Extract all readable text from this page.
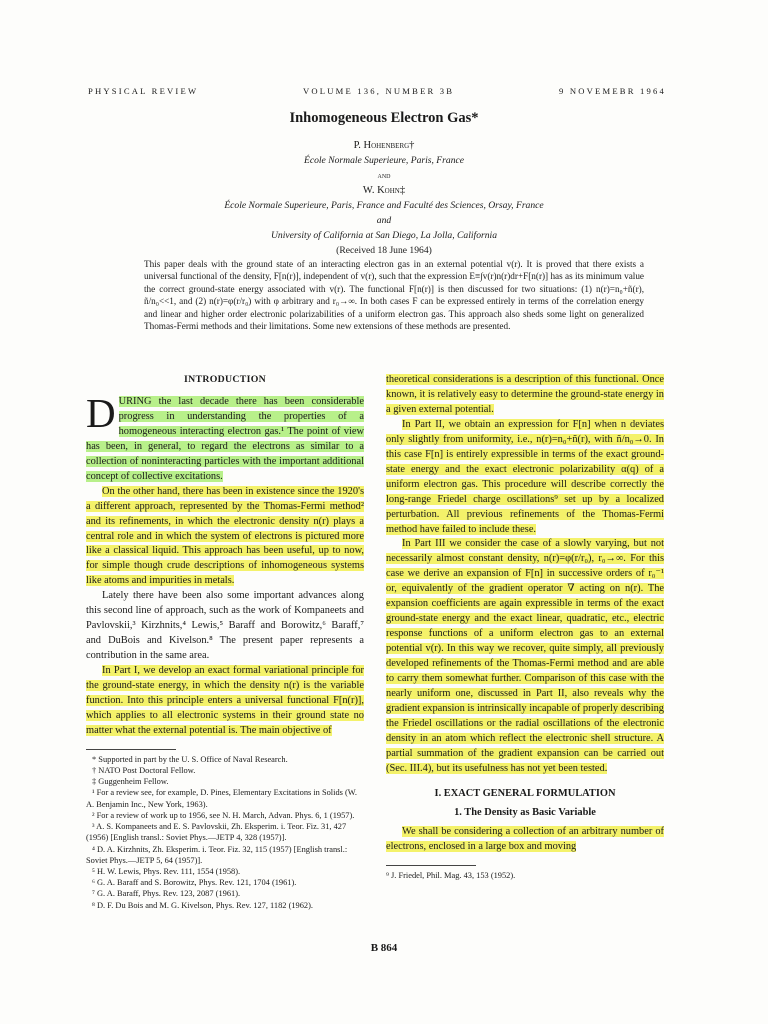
PHYSICAL REVIEW	VOLUME 136, NUMBER 3B	9 NOVEMEBR 1964
Inhomogeneous Electron Gas*
P. Hohenberg†
École Normale Superieure, Paris, France
and
W. Kohn‡
École Normale Superieure, Paris, France and Faculté des Sciences, Orsay, France
and
University of California at San Diego, La Jolla, California
(Received 18 June 1964)

This paper deals with the ground state of an interacting electron gas in an external potential v(r). It is proved that there exists a universal functional of the density, F[n(r)], independent of v(r), such that the expression E≡∫v(r)n(r)dr+F[n(r)] has as its minimum value the correct ground-state energy associated with v(r). The functional F[n(r)] is then discussed for two situations: (1) n(r)=n₀+ñ(r), ñ/n₀<<1, and (2) n(r)=φ(r/r₀) with φ arbitrary and r₀→∞. In both cases F can be expressed entirely in terms of the correlation energy and linear and higher order electronic polarizabilities of a uniform electron gas. This approach also sheds some light on generalized Thomas-Fermi methods and their limitations. Some new extensions of these methods are presented.

INTRODUCTION

DURING the last decade there has been considerable progress in understanding the properties of a homogeneous interacting electron gas.¹ The point of view has been, in general, to regard the electrons as similar to a collection of noninteracting particles with the important additional concept of collective excitations.

On the other hand, there has been in existence since the 1920's a different approach, represented by the Thomas-Fermi method² and its refinements, in which the electronic density n(r) plays a central role and in which the system of electrons is pictured more like a classical liquid. This approach has been useful, up to now, for simple though crude descriptions of inhomogeneous systems like atoms and impurities in metals.

Lately there have been also some important advances along this second line of approach, such as the work of Kompaneets and Pavlovskii,³ Kirzhnits,⁴ Lewis,⁵ Baraff and Borowitz,⁶ Baraff,⁷ and DuBois and Kivelson.⁸ The present paper represents a contribution in the same area.

In Part I, we develop an exact formal variational principle for the ground-state energy, in which the density n(r) is the variable function. Into this principle enters a universal functional F[n(r)], which applies to all electronic systems in their ground state no matter what the external potential is. The main objective of

* Supported in part by the U. S. Office of Naval Research.
† NATO Post Doctoral Fellow.
‡ Guggenheim Fellow.
¹ For a review see, for example, D. Pines, Elementary Excitations in Solids (W. A. Benjamin Inc., New York, 1963).
² For a review of work up to 1956, see N. H. March, Advan. Phys. 6, 1 (1957).
³ A. S. Kompaneets and E. S. Pavlovskii, Zh. Eksperim. i. Teor. Fiz. 31, 427 (1956) [English transl.: Soviet Phys.—JETP 4, 328 (1957)].
⁴ D. A. Kirzhnits, Zh. Eksperim. i. Teor. Fiz. 32, 115 (1957) [English transl.: Soviet Phys.—JETP 5, 64 (1957)].
⁵ H. W. Lewis, Phys. Rev. 111, 1554 (1958).
⁶ G. A. Baraff and S. Borowitz, Phys. Rev. 121, 1704 (1961).
⁷ G. A. Baraff, Phys. Rev. 123, 2087 (1961).
⁸ D. F. Du Bois and M. G. Kivelson, Phys. Rev. 127, 1182 (1962).

theoretical considerations is a description of this functional. Once known, it is relatively easy to determine the ground-state energy in a given external potential.

In Part II, we obtain an expression for F[n] when n deviates only slightly from uniformity, i.e., n(r)=n₀+ñ(r), with ñ/n₀→0. In this case F[n] is entirely expressible in terms of the exact ground-state energy and the exact electronic polarizability α(q) of a uniform electron gas. This procedure will describe correctly the long-range Friedel charge oscillations⁹ set up by a localized perturbation. All previous refinements of the Thomas-Fermi method have failed to include these.

In Part III we consider the case of a slowly varying, but not necessarily almost constant density, n(r)=φ(r/r₀), r₀→∞. For this case we derive an expansion of F[n] in successive orders of r₀⁻¹ or, equivalently of the gradient operator ∇ acting on n(r). The expansion coefficients are again expressible in terms of the exact ground-state energy and the exact linear, quadratic, etc., electric response functions of a uniform electron gas to an external potential v(r). In this way we recover, quite simply, all previously developed refinements of the Thomas-Fermi method and are able to carry them somewhat further. Comparison of this case with the nearly uniform one, discussed in Part II, also reveals why the gradient expansion is intrinsically incapable of properly describing the Friedel oscillations or the radial oscillations of the electronic density in an atom which reflect the electronic shell structure. A partial summation of the gradient expansion can be carried out (Sec. III.4), but its usefulness has not yet been tested.

I. EXACT GENERAL FORMULATION
1. The Density as Basic Variable

We shall be considering a collection of an arbitrary number of electrons, enclosed in a large box and moving

⁹ J. Friedel, Phil. Mag. 43, 153 (1952).
B 864
